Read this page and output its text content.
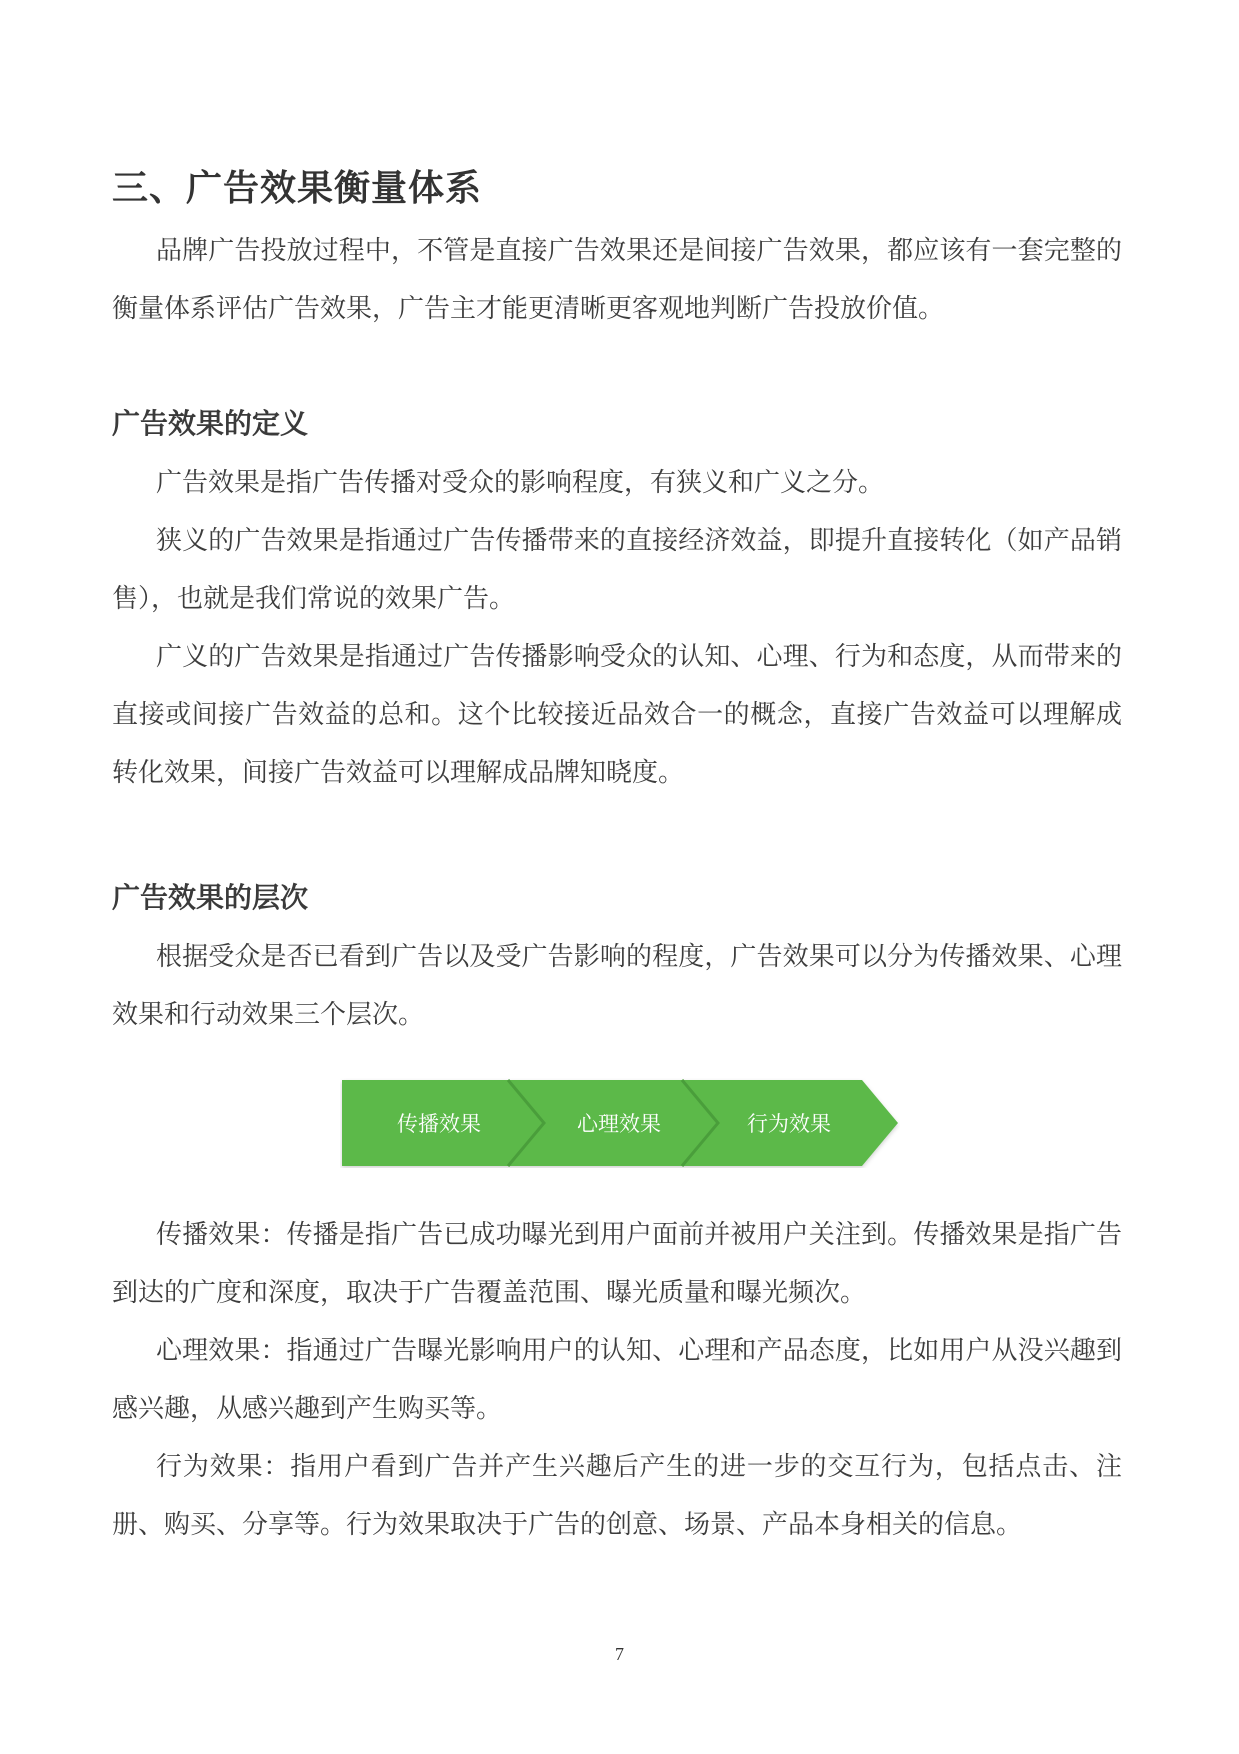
三、广告效果衡量体系

品牌广告投放过程中，不管是直接广告效果还是间接广告效果，都应该有一套完整的衡量体系评估广告效果，广告主才能更清晰更客观地判断广告投放价值。

广告效果的定义

广告效果是指广告传播对受众的影响程度，有狭义和广义之分。

狭义的广告效果是指通过广告传播带来的直接经济效益，即提升直接转化（如产品销售），也就是我们常说的效果广告。

广义的广告效果是指通过广告传播影响受众的认知、心理、行为和态度，从而带来的直接或间接广告效益的总和。这个比较接近品效合一的概念，直接广告效益可以理解成转化效果，间接广告效益可以理解成品牌知晓度。

广告效果的层次

根据受众是否已看到广告以及受广告影响的程度，广告效果可以分为传播效果、心理效果和行动效果三个层次。

传播效果	心理效果	行为效果

传播效果：传播是指广告已成功曝光到用户面前并被用户关注到。传播效果是指广告到达的广度和深度，取决于广告覆盖范围、曝光质量和曝光频次。

心理效果：指通过广告曝光影响用户的认知、心理和产品态度，比如用户从没兴趣到感兴趣，从感兴趣到产生购买等。

行为效果：指用户看到广告并产生兴趣后产生的进一步的交互行为，包括点击、注册、购买、分享等。行为效果取决于广告的创意、场景、产品本身相关的信息。

7
